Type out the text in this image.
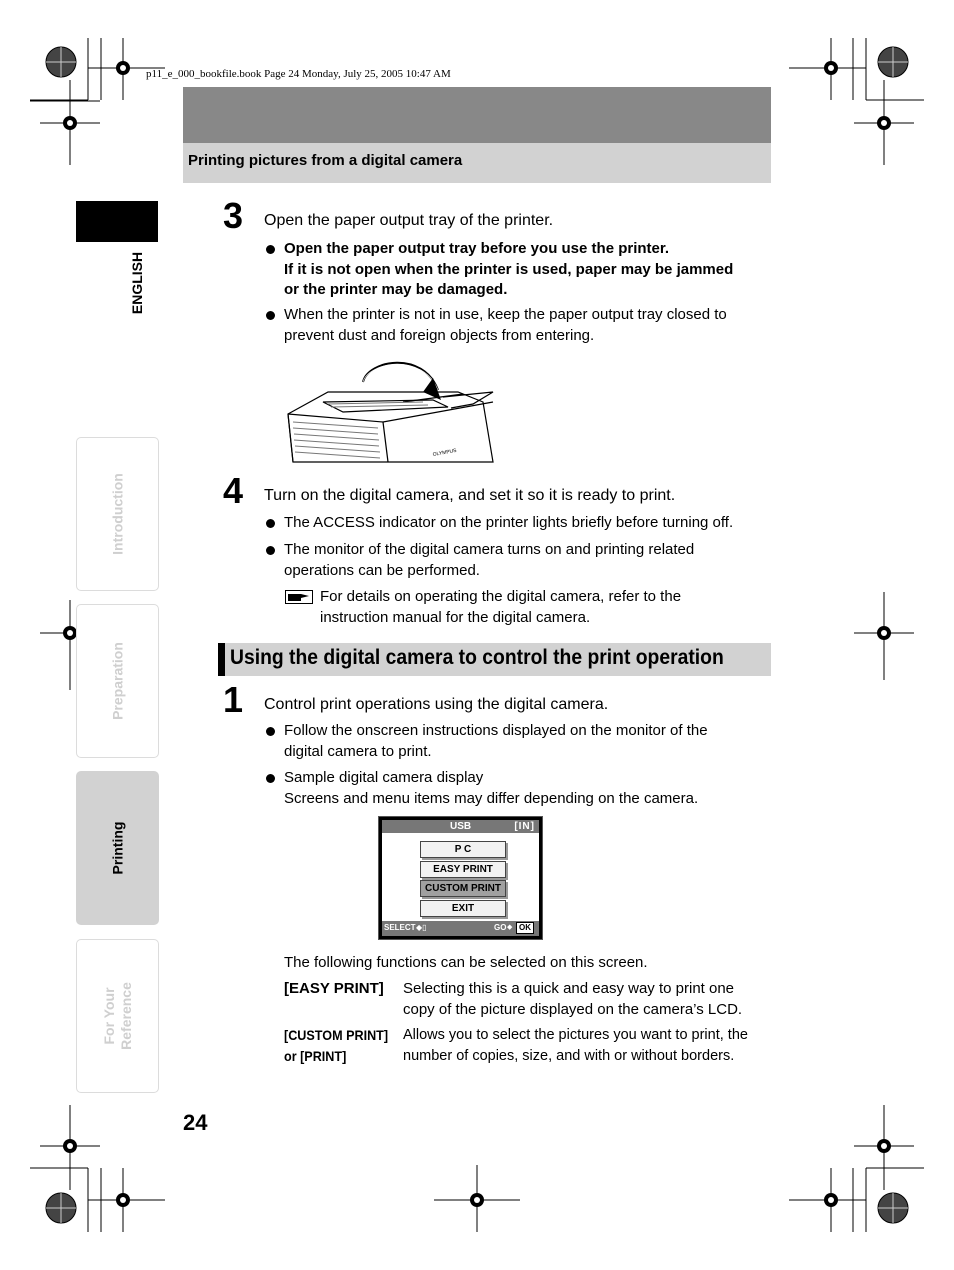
p11_e_000_bookfile.book Page 24 Monday, July 25, 2005 10:47 AM
Printing pictures from a digital camera
ENGLISH
Introduction
Preparation
Printing
For Your Reference
3 Open the paper output tray of the printer.
Open the paper output tray before you use the printer.
If it is not open when the printer is used, paper may be jammed
or the printer may be damaged.
When the printer is not in use, keep the paper output tray closed to
prevent dust and foreign objects from entering.
OLYMPUS
4 Turn on the digital camera, and set it so it is ready to print.
The ACCESS indicator on the printer lights briefly before turning off.
The monitor of the digital camera turns on and printing related
operations can be performed.
For details on operating the digital camera, refer to the
instruction manual for the digital camera.
Using the digital camera to control the print operation
1 Control print operations using the digital camera.
Follow the onscreen instructions displayed on the monitor of the
digital camera to print.
Sample digital camera display
Screens and menu items may differ depending on the camera.
USB	[IN]
P C
EASY PRINT
CUSTOM PRINT
EXIT
SELECT ◆▯	GO ◆ OK
The following functions can be selected on this screen.
[EASY PRINT] Selecting this is a quick and easy way to print one
copy of the picture displayed on the camera’s LCD.
[CUSTOM PRINT]
or [PRINT]
Allows you to select the pictures you want to print, the
number of copies, size, and with or without borders.
24
